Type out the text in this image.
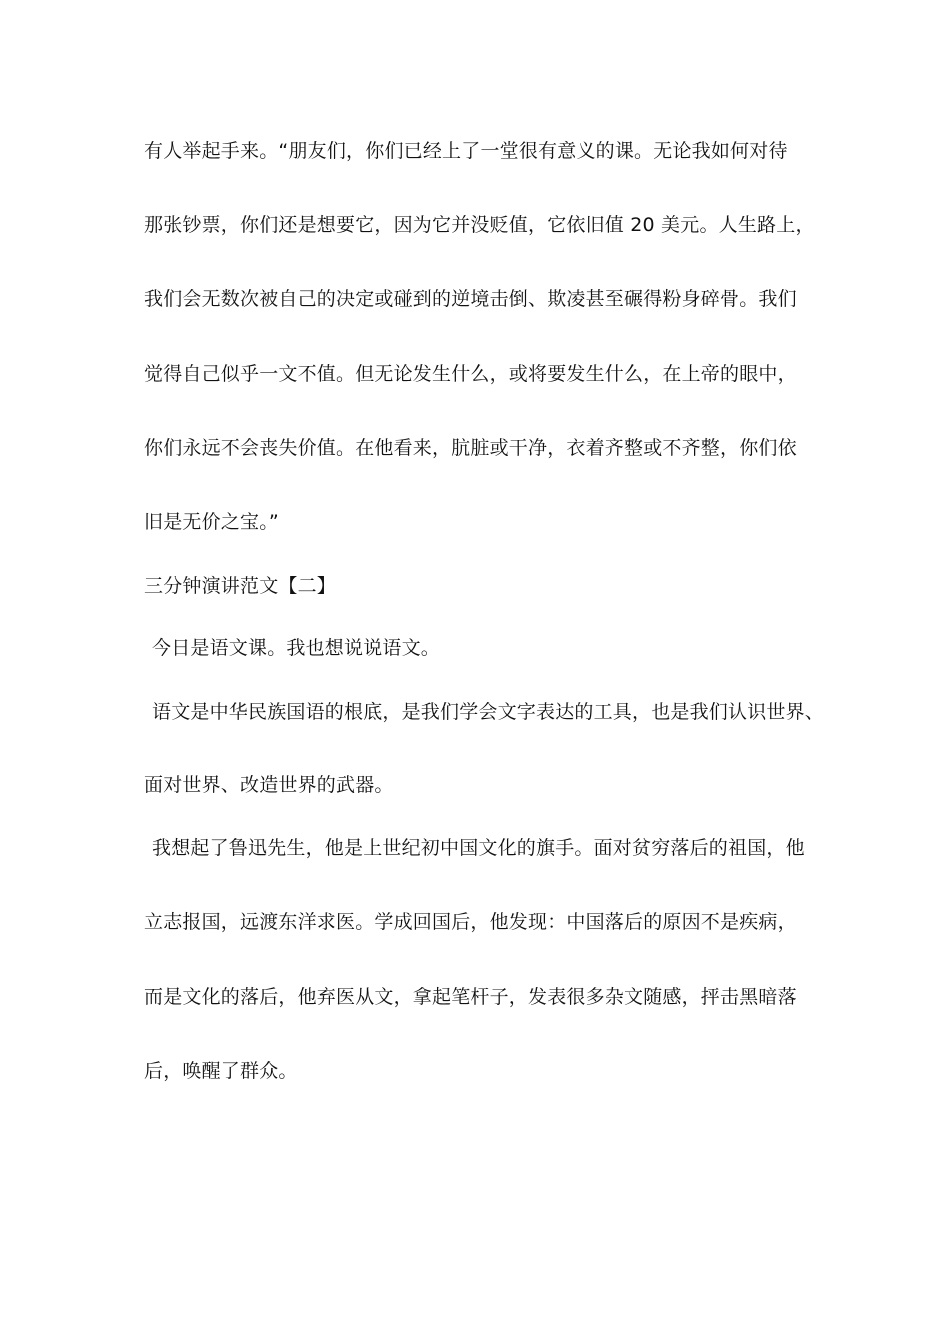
有人举起手来。“朋友们，你们已经上了一堂很有意义的课。无论我如何对待
那张钞票，你们还是想要它，因为它并没贬值，它依旧值 20 美元。人生路上，
我们会无数次被自己的决定或碰到的逆境击倒、欺凌甚至碾得粉身碎骨。我们
觉得自己似乎一文不值。但无论发生什么，或将要发生什么，在上帝的眼中，
你们永远不会丧失价值。在他看来，肮脏或干净，衣着齐整或不齐整，你们依
旧是无价之宝。”
三分钟演讲范文【二】
今日是语文课。我也想说说语文。
语文是中华民族国语的根底，是我们学会文字表达的工具，也是我们认识世界、
面对世界、改造世界的武器。
我想起了鲁迅先生，他是上世纪初中国文化的旗手。面对贫穷落后的祖国，他
立志报国，远渡东洋求医。学成回国后，他发现：中国落后的原因不是疾病，
而是文化的落后，他弃医从文，拿起笔杆子，发表很多杂文随感，抨击黑暗落
后，唤醒了群众。
